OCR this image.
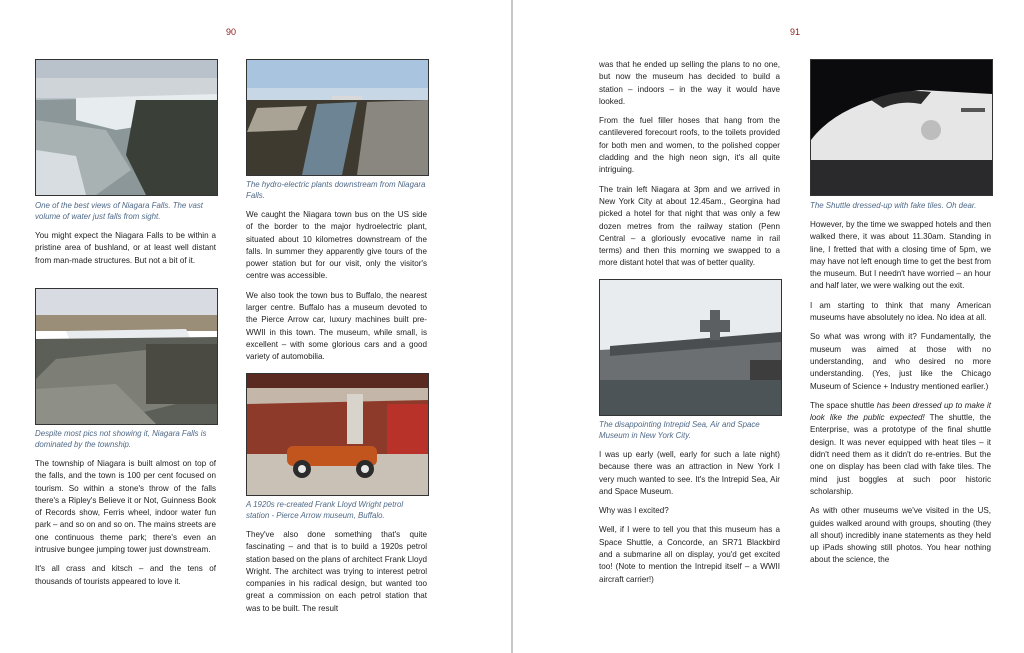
90
One of the best views of Niagara Falls. The vast volume of water just falls from sight.

You might expect the Niagara Falls to be within a pristine area of bushland, or at least well distant from man-made structures. But not a bit of it.

Despite most pics not showing it, Niagara Falls is dominated by the township.

The township of Niagara is built almost on top of the falls, and the town is 100 per cent focused on tourism. So within a stone's throw of the falls there's a Ripley's Believe it or Not, Guinness Book of Records show, Ferris wheel, indoor water fun park – and so on and so on. The mains streets are one continuous theme park; there's even an intrusive bungee jumping tower just downstream.

It's all crass and kitsch – and the tens of thousands of tourists appeared to love it.

The hydro-electric plants downstream from Niagara Falls.

We caught the Niagara town bus on the US side of the border to the major hydroelectric plant, situated about 10 kilometres downstream of the falls. In summer they apparently give tours of the power station but for our visit, only the visitor's centre was accessible.

We also took the town bus to Buffalo, the nearest larger centre. Buffalo has a museum devoted to the Pierce Arrow car, luxury machines built pre-WWII in this town. The museum, while small, is excellent – with some glorious cars and a good variety of automobilia.

A 1920s re-created Frank Lloyd Wright petrol station - Pierce Arrow museum, Buffalo.

They've also done something that's quite fascinating – and that is to build a 1920s petrol station based on the plans of architect Frank Lloyd Wright. The architect was trying to interest petrol companies in his radical design, but wanted too great a commission on each petrol station that was to be built. The result

91

was that he ended up selling the plans to no one, but now the museum has decided to build a station – indoors – in the way it would have looked.

From the fuel filler hoses that hang from the cantilevered forecourt roofs, to the toilets provided for both men and women, to the polished copper cladding and the high neon sign, it's all quite intriguing.

The train left Niagara at 3pm and we arrived in New York City at about 12.45am., Georgina had picked a hotel for that night that was only a few dozen metres from the railway station (Penn Central – a gloriously evocative name in rail terms) and then this morning we swapped to a more distant hotel that was of better quality.

The disappointing Intrepid Sea, Air and Space Museum in New York City.

I was up early (well, early for such a late night) because there was an attraction in New York I very much wanted to see. It's the Intrepid Sea, Air and Space Museum.

Why was I excited?

Well, if I were to tell you that this museum has a Space Shuttle, a Concorde, an SR71 Blackbird and a submarine all on display, you'd get excited too! (Note to mention the Intrepid itself – a WWII aircraft carrier!)

The Shuttle dressed-up with fake tiles. Oh dear.

However, by the time we swapped hotels and then walked there, it was about 11.30am. Standing in line, I fretted that with a closing time of 5pm, we may have not left enough time to get the best from the museum. But I needn't have worried – an hour and half later, we were walking out the exit.

I am starting to think that many American museums have absolutely no idea. No idea at all.

So what was wrong with it? Fundamentally, the museum was aimed at those with no understanding, and who desired no more understanding. (Yes, just like the Chicago Museum of Science + Industry mentioned earlier.)

The space shuttle has been dressed up to make it look like the public expected! The shuttle, the Enterprise, was a prototype of the final shuttle design. It was never equipped with heat tiles – it didn't need them as it didn't do re-entries. But the one on display has been clad with fake tiles. The mind just boggles at such poor historic scholarship.

As with other museums we've visited in the US, guides walked around with groups, shouting (they all shout) incredibly inane statements as they held up iPads showing still photos. You hear nothing about the science, the
